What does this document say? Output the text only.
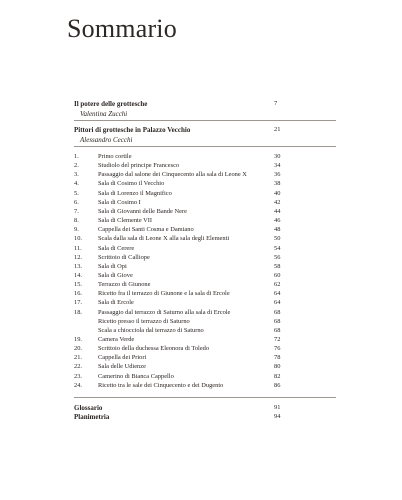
Sommario
Il potere delle grottesche	7
Valentina Zucchi
Pittori di grottesche in Palazzo Vecchio	21
Alessandro Cecchi
1.	Primo cortile	30
2.	Studiolo del principe Francesco	34
3.	Passaggio dal salone dei Cinquecento alla sala di Leone X	36
4.	Sala di Cosimo il Vecchio	38
5.	Sala di Lorenzo il Magnifico	40
6.	Sala di Cosimo I	42
7.	Sala di Giovanni delle Bande Nere	44
8.	Sala di Clemente VII	46
9.	Cappella dei Santi Cosma e Damiano	48
10.	Scala dalla sala di Leone X alla sala degli Elementi	50
11.	Sala di Cerere	54
12.	Scrittoio di Calliope	56
13.	Sala di Opi	58
14.	Sala di Giove	60
15.	Terrazzo di Giunone	62
16.	Ricetto fra il terrazzo di Giunone e la sala di Ercole	64
17.	Sala di Ercole	64
18.	Passaggio dal terrazzo di Saturno alla sala di Ercole	68
Ricetto presso il terrazzo di Saturno	68
Scala a chiocciola dal terrazzo di Saturno	68
19.	Camera Verde	72
20.	Scrittoio della duchessa Eleonora di Toledo	76
21.	Cappella dei Priori	78
22.	Sala delle Udienze	80
23.	Camerino di Bianca Cappello	82
24.	Ricetto tra le sale dei Cinquecento e dei Dugento	86
Glossario	91
Planimetria	94
